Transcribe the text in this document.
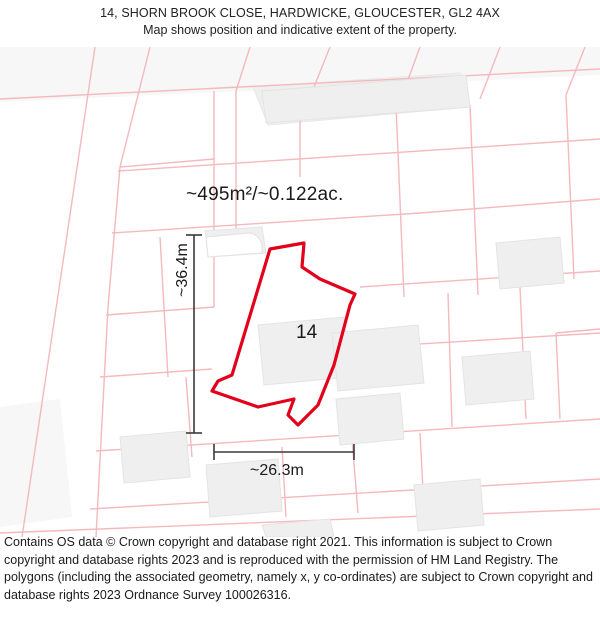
14, SHORN BROOK CLOSE, HARDWICKE, GLOUCESTER, GL2 4AX
Map shows position and indicative extent of the property.
~495m²/~0.122ac.
14
~36.4m
~26.3m
Contains OS data © Crown copyright and database right 2021. This information is subject to Crown copyright and database rights 2023 and is reproduced with the permission of HM Land Registry. The polygons (including the associated geometry, namely x, y co-ordinates) are subject to Crown copyright and database rights 2023 Ordnance Survey 100026316.
